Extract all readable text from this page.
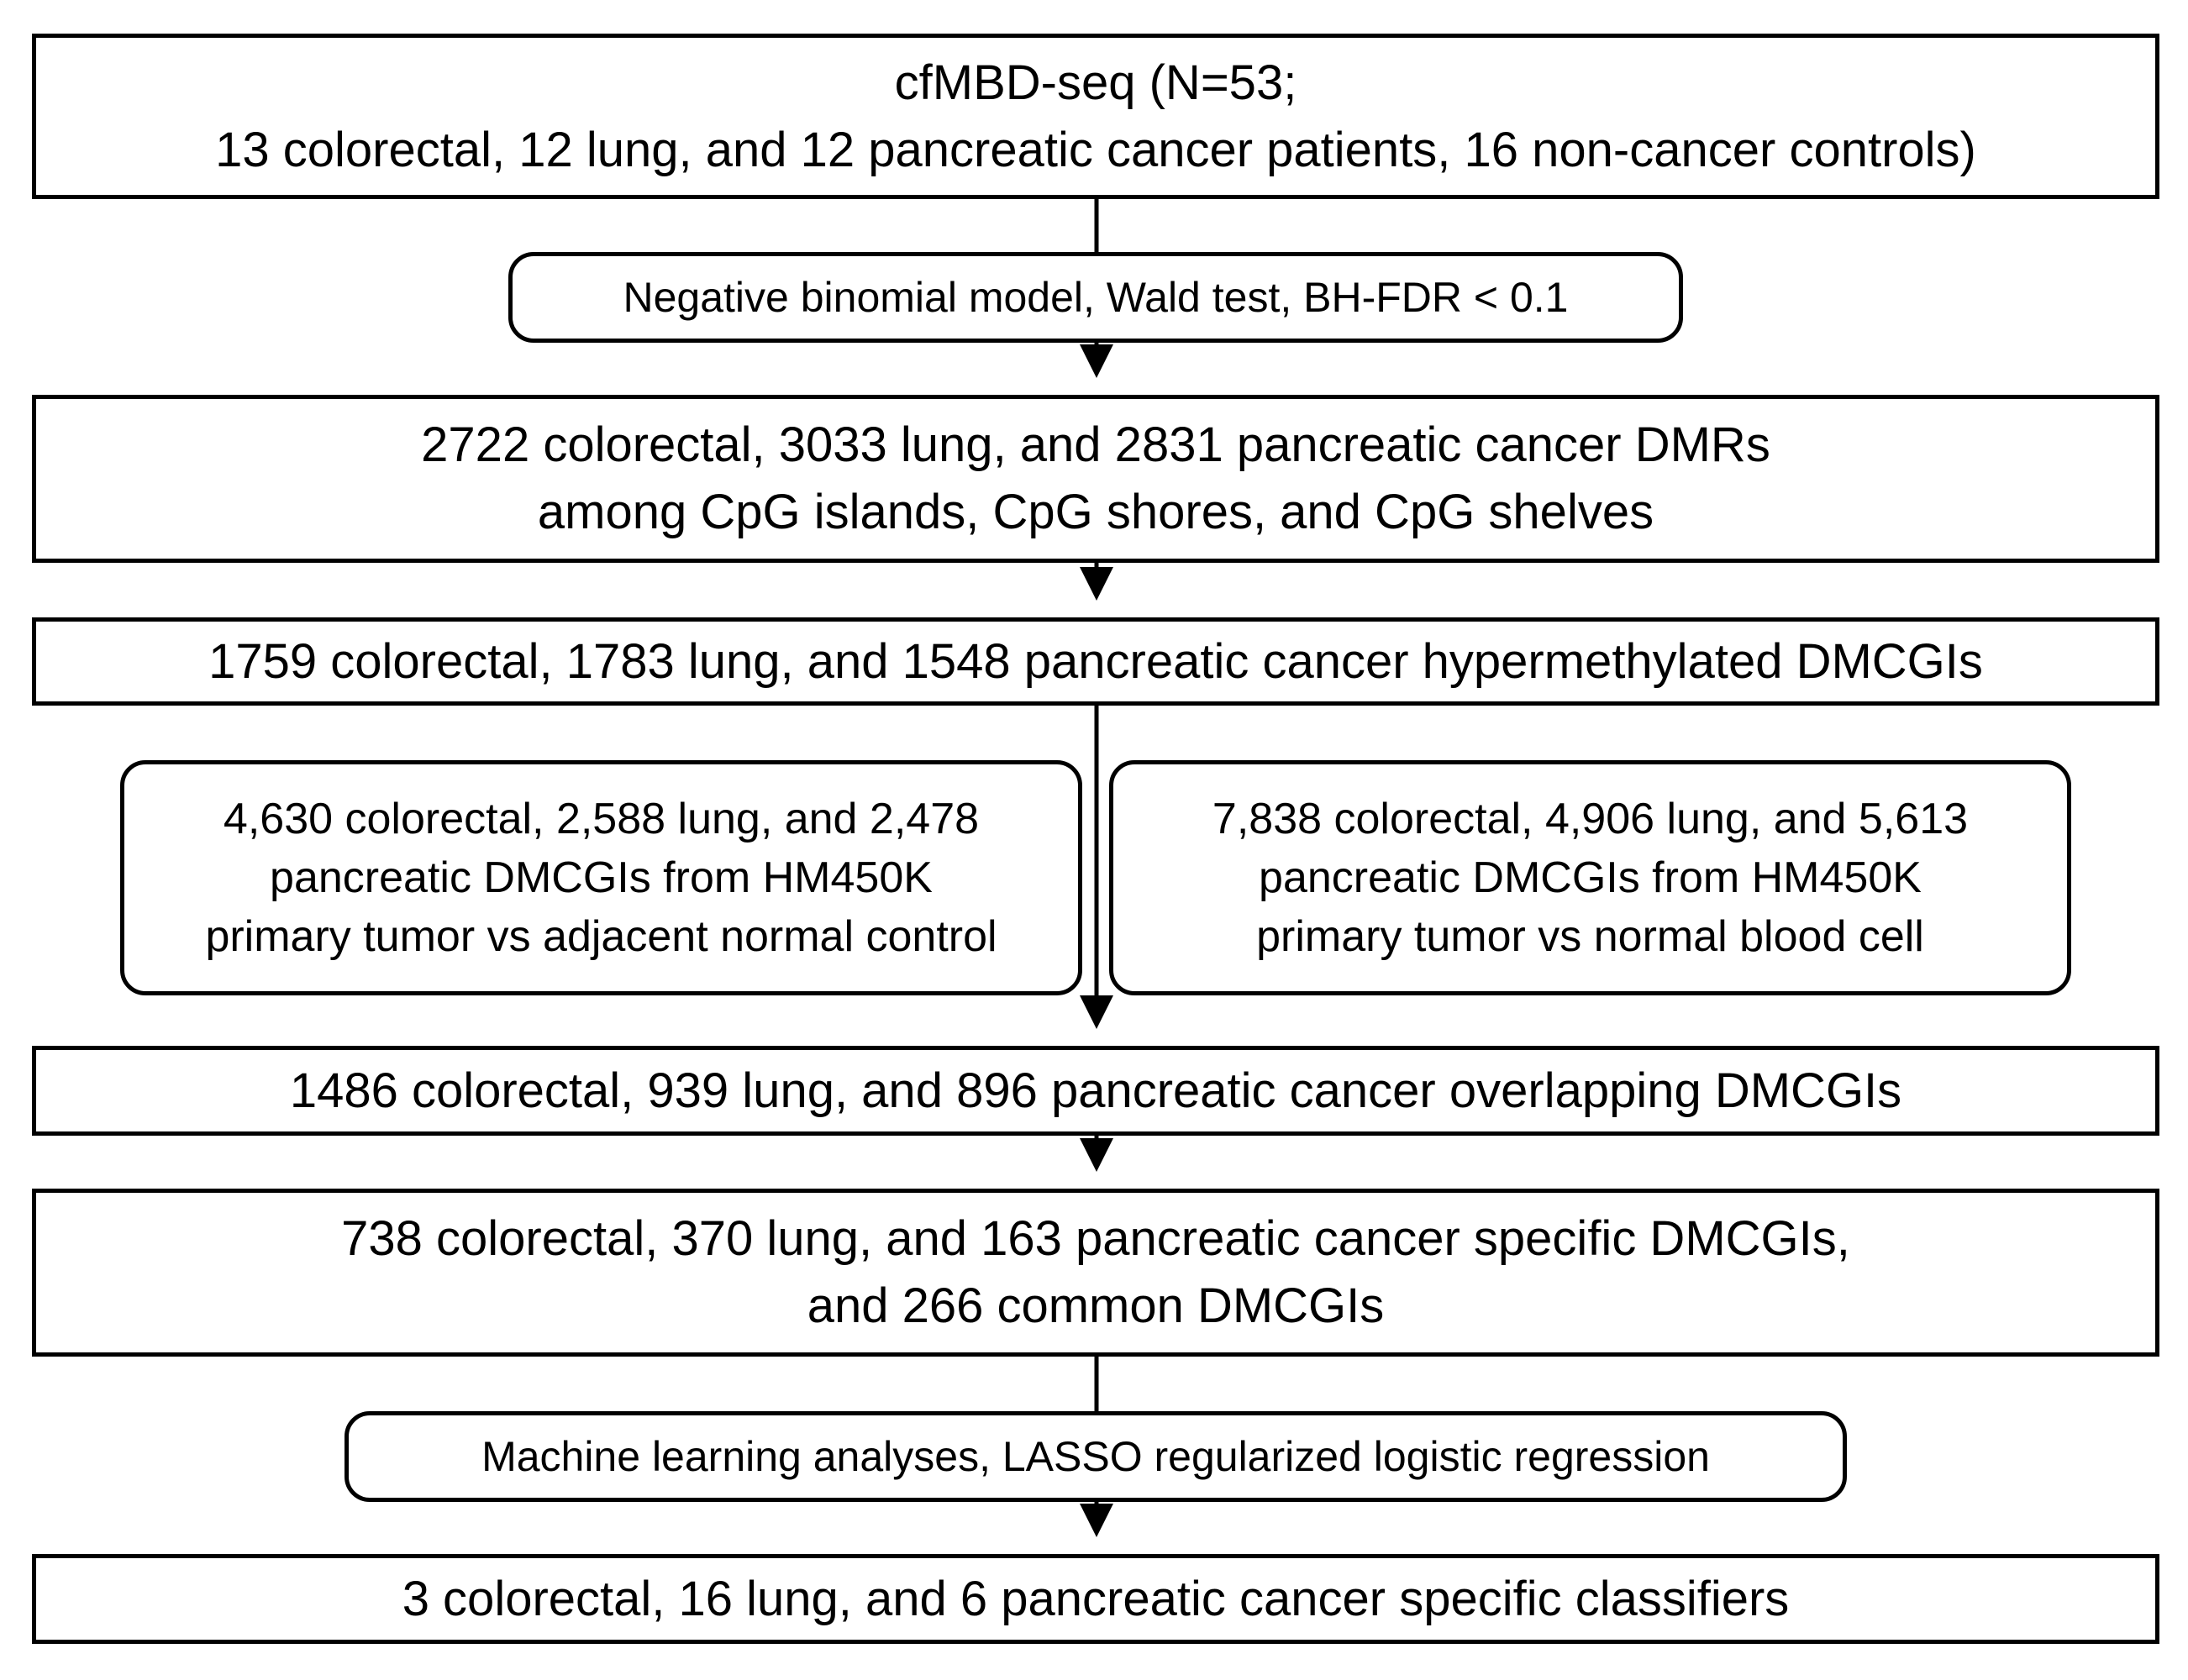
cfMBD-seq (N=53;
13 colorectal, 12 lung, and 12 pancreatic cancer patients, 16 non-cancer controls)
Negative binomial model, Wald test, BH-FDR < 0.1
2722 colorectal, 3033 lung, and 2831 pancreatic cancer DMRs
among CpG islands, CpG shores, and CpG shelves
1759 colorectal, 1783 lung, and 1548 pancreatic cancer hypermethylated DMCGIs
4,630 colorectal, 2,588 lung, and 2,478
pancreatic DMCGIs from HM450K
primary tumor vs adjacent normal control
7,838 colorectal, 4,906 lung, and 5,613
pancreatic DMCGIs from HM450K
primary tumor vs normal blood cell
1486 colorectal, 939 lung, and 896 pancreatic cancer overlapping DMCGIs
738 colorectal, 370 lung, and 163 pancreatic cancer specific DMCGIs,
and 266 common DMCGIs
Machine learning analyses, LASSO regularized logistic regression
3 colorectal, 16 lung, and 6 pancreatic cancer specific classifiers
